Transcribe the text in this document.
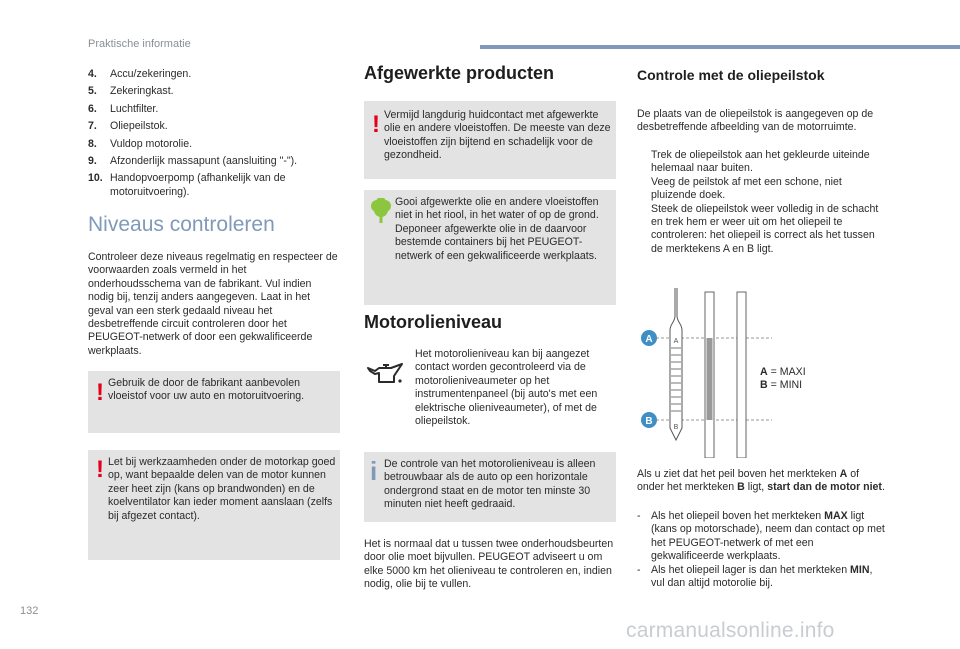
Praktische informatie
132
carmanualsonline.info
4. Accu/zekeringen.
5. Zekeringkast.
6. Luchtfilter.
7. Oliepeilstok.
8. Vuldop motorolie.
9. Afzonderlijk massapunt (aansluiting "-").
10. Handopvoerpomp (afhankelijk van de motoruitvoering).
Niveaus controleren

Controleer deze niveaus regelmatig en respecteer de voorwaarden zoals vermeld in het onderhoudsschema van de fabrikant. Vul indien nodig bij, tenzij anders aangegeven. Laat in het geval van een sterk gedaald niveau het desbetreffende circuit controleren door het PEUGEOT-netwerk of door een gekwalificeerde werkplaats.

! Gebruik de door de fabrikant aanbevolen vloeistof voor uw auto en motoruitvoering.
! Let bij werkzaamheden onder de motorkap goed op, want bepaalde delen van de motor kunnen zeer heet zijn (kans op brandwonden) en de koelventilator kan ieder moment aanslaan (zelfs bij afgezet contact).
Afgewerkte producten
! Vermijd langdurig huidcontact met afgewerkte olie en andere vloeistoffen. De meeste van deze vloeistoffen zijn bijtend en schadelijk voor de gezondheid.
Gooi afgewerkte olie en andere vloeistoffen niet in het riool, in het water of op de grond. Deponeer afgewerkte olie in de daarvoor bestemde containers bij het PEUGEOT-netwerk of een gekwalificeerde werkplaats.
Motorolieniveau

Het motorolieniveau kan bij aangezet contact worden gecontroleerd via de motorolieniveaumeter op het instrumentenpaneel (bij auto's met een elektrische olieniveaumeter), of met de oliepeilstok.

i De controle van het motorolieniveau is alleen betrouwbaar als de auto op een horizontale ondergrond staat en de motor ten minste 30 minuten niet heeft gedraaid.

Het is normaal dat u tussen twee onderhoudsbeurten door olie moet bijvullen. PEUGEOT adviseert u om elke 5000 km het olieniveau te controleren en, indien nodig, olie bij te vullen.

Controle met de oliepeilstok

De plaats van de oliepeilstok is aangegeven op de desbetreffende afbeelding van de motorruimte.

Trek de oliepeilstok aan het gekleurde uiteinde helemaal naar buiten.
Veeg de peilstok af met een schone, niet pluizende doek.
Steek de oliepeilstok weer volledig in de schacht en trek hem er weer uit om het oliepeil te controleren: het oliepeil is correct als het tussen de merktekens A en B ligt.
A
B
A
B
A = MAXI
B = MINI

Als u ziet dat het peil boven het merkteken A of onder het merkteken B ligt, start dan de motor niet.

- Als het oliepeil boven het merkteken MAX ligt (kans op motorschade), neem dan contact op met het PEUGEOT-netwerk of met een gekwalificeerde werkplaats.
- Als het oliepeil lager is dan het merkteken MIN, vul dan altijd motorolie bij.
